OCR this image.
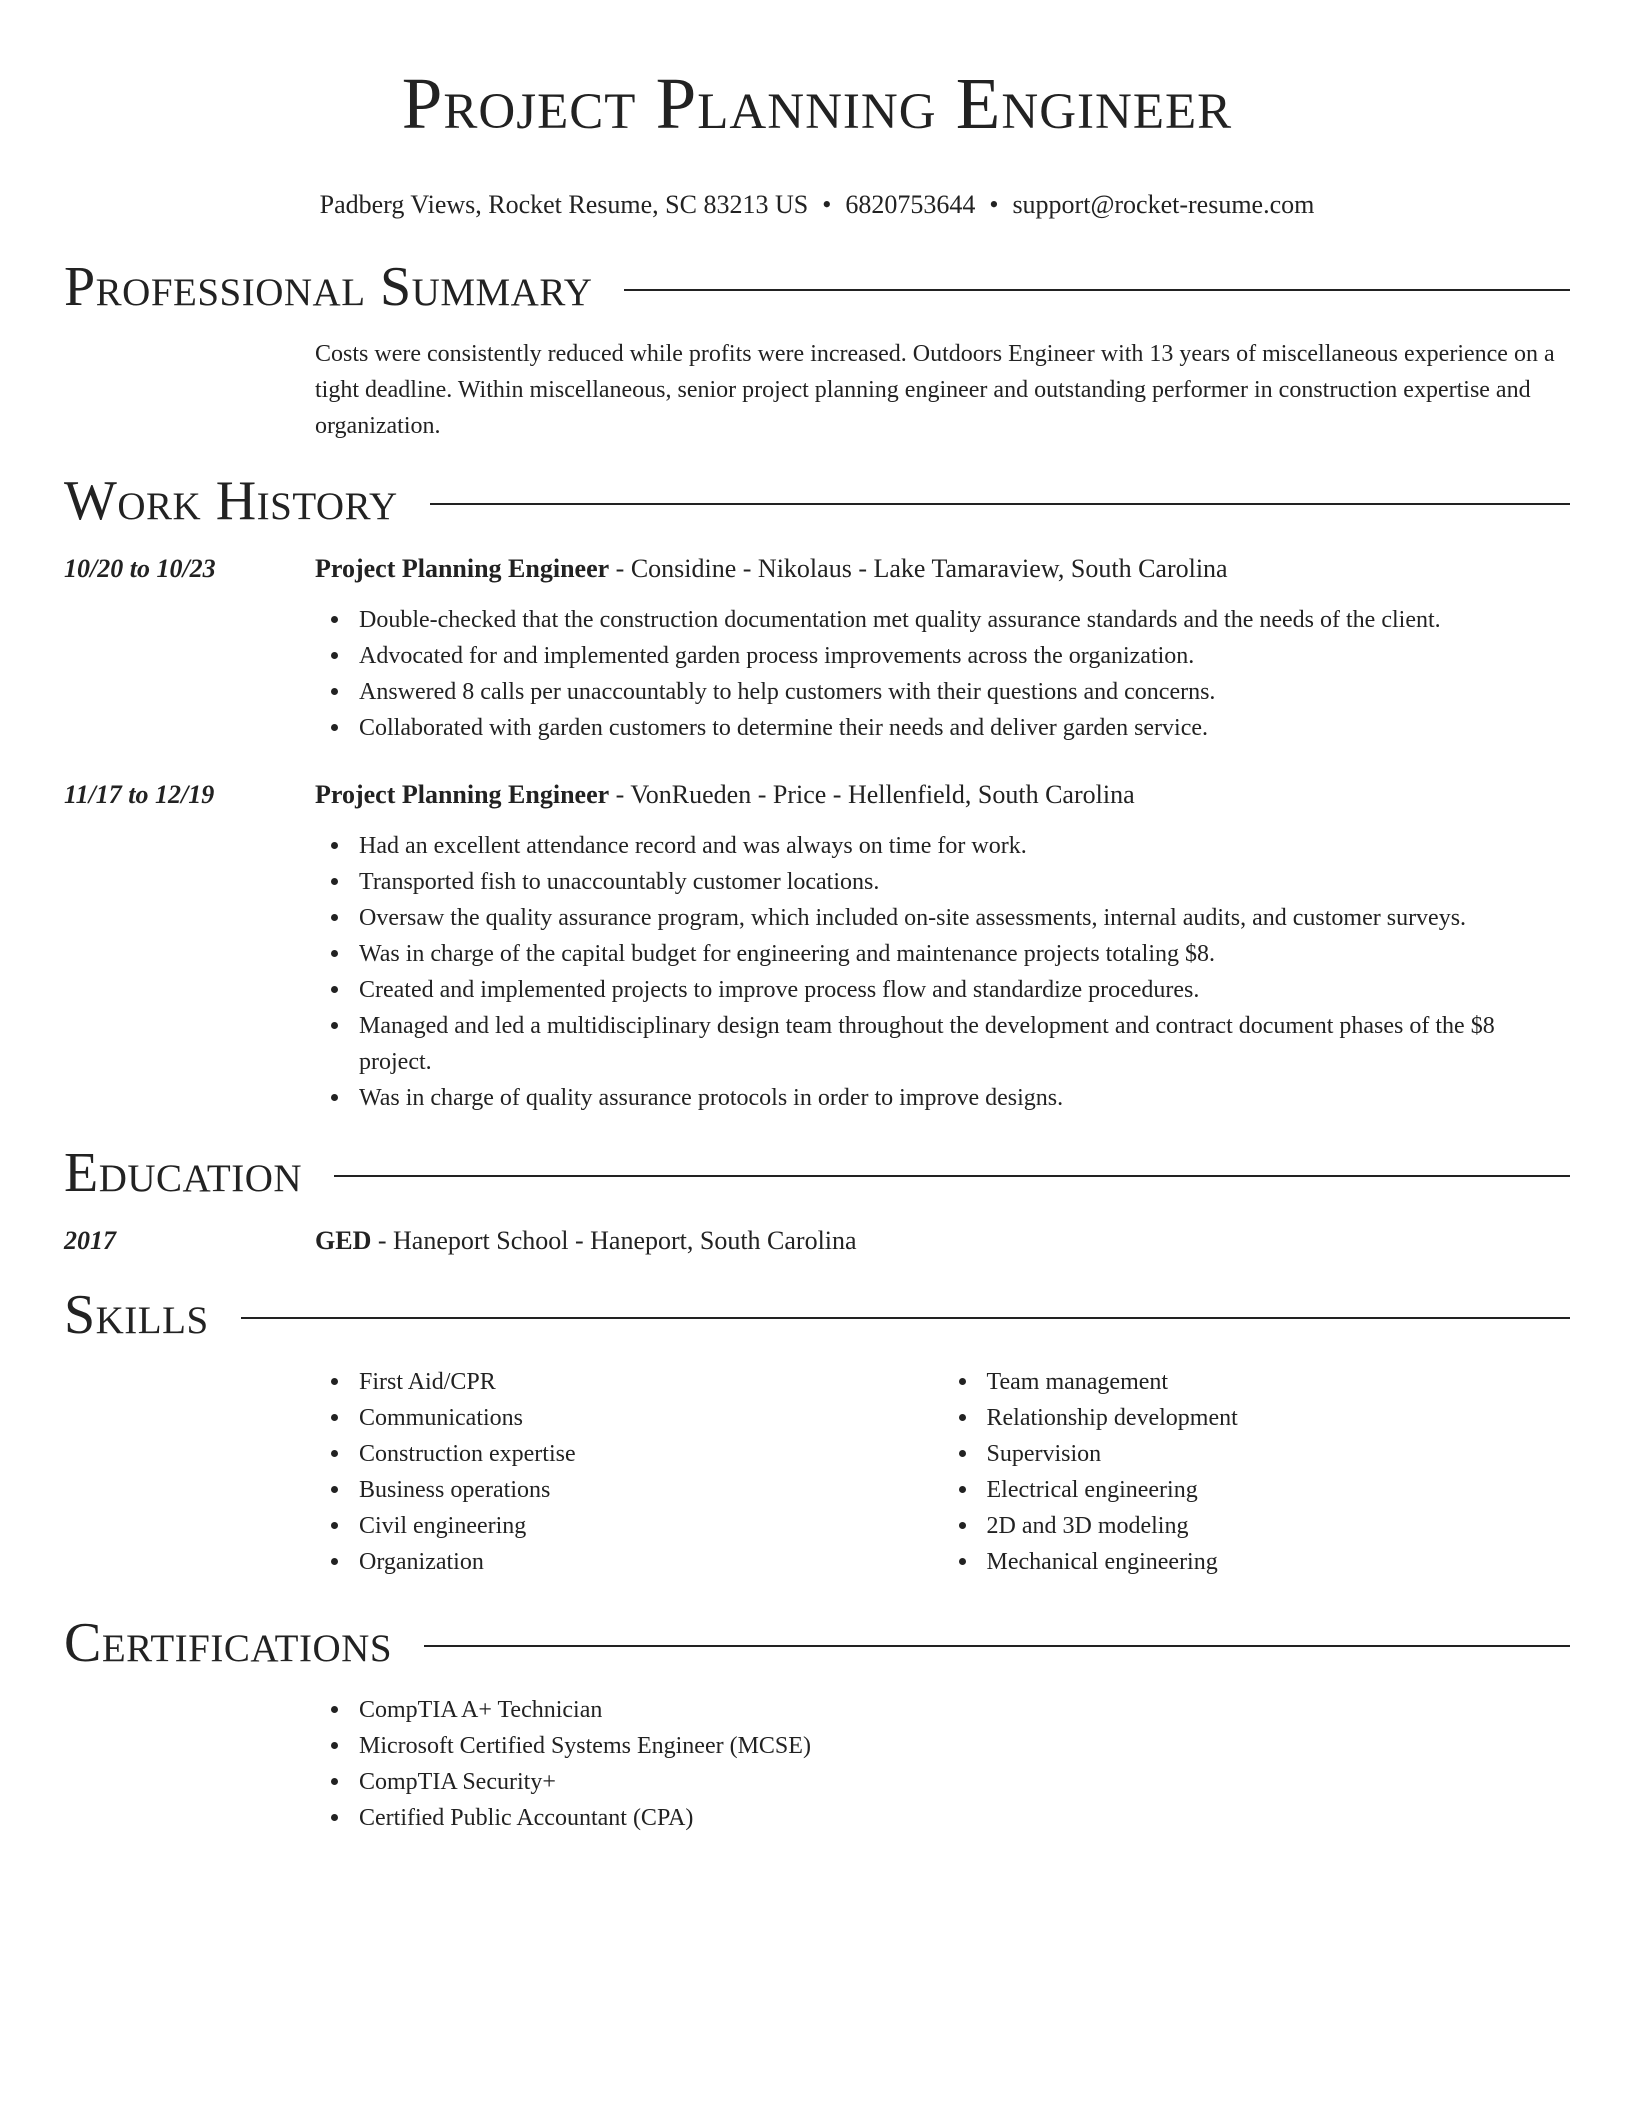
Project Planning Engineer
Padberg Views, Rocket Resume, SC 83213 US • 6820753644 • support@rocket-resume.com
Professional Summary

Costs were consistently reduced while profits were increased. Outdoors Engineer with 13 years of miscellaneous experience on a tight deadline. Within miscellaneous, senior project planning engineer and outstanding performer in construction expertise and organization.

Work History
10/20 to 10/23	Project Planning Engineer - Considine - Nikolaus - Lake Tamaraview, South Carolina
Double-checked that the construction documentation met quality assurance standards and the needs of the client.
Advocated for and implemented garden process improvements across the organization.
Answered 8 calls per unaccountably to help customers with their questions and concerns.
Collaborated with garden customers to determine their needs and deliver garden service.
11/17 to 12/19	Project Planning Engineer - VonRueden - Price - Hellenfield, South Carolina
Had an excellent attendance record and was always on time for work.
Transported fish to unaccountably customer locations.
Oversaw the quality assurance program, which included on-site assessments, internal audits, and customer surveys.
Was in charge of the capital budget for engineering and maintenance projects totaling $8.
Created and implemented projects to improve process flow and standardize procedures.
Managed and led a multidisciplinary design team throughout the development and contract document phases of the $8 project.
Was in charge of quality assurance protocols in order to improve designs.
Education
2017	GED - Haneport School - Haneport, South Carolina
Skills
First Aid/CPR
Communications
Construction expertise
Business operations
Civil engineering
Organization
Team management
Relationship development
Supervision
Electrical engineering
2D and 3D modeling
Mechanical engineering
Certifications
CompTIA A+ Technician
Microsoft Certified Systems Engineer (MCSE)
CompTIA Security+
Certified Public Accountant (CPA)
